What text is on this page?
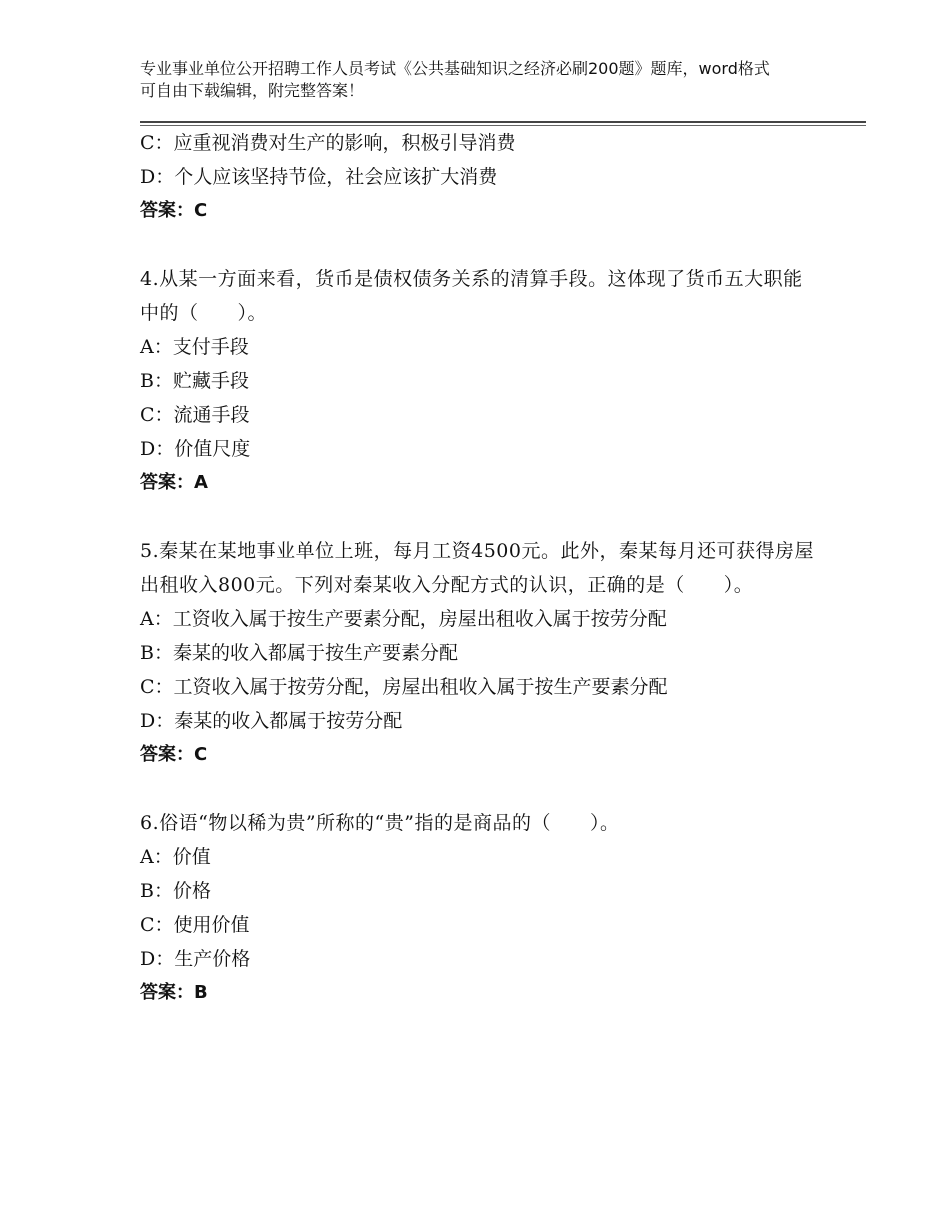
专业事业单位公开招聘工作人员考试《公共基础知识之经济必刷200题》题库，word格式可自由下载编辑，附完整答案！
C：应重视消费对生产的影响，积极引导消费
D：个人应该坚持节俭，社会应该扩大消费
答案：C
4.从某一方面来看，货币是债权债务关系的清算手段。这体现了货币五大职能中的（　　）。
A：支付手段
B：贮藏手段
C：流通手段
D：价值尺度
答案：A
5.秦某在某地事业单位上班，每月工资4500元。此外，秦某每月还可获得房屋出租收入800元。下列对秦某收入分配方式的认识，正确的是（　　）。
A：工资收入属于按生产要素分配，房屋出租收入属于按劳分配
B：秦某的收入都属于按生产要素分配
C：工资收入属于按劳分配，房屋出租收入属于按生产要素分配
D：秦某的收入都属于按劳分配
答案：C
6.俗语“物以稀为贵”所称的“贵”指的是商品的（　　）。
A：价值
B：价格
C：使用价值
D：生产价格
答案：B
